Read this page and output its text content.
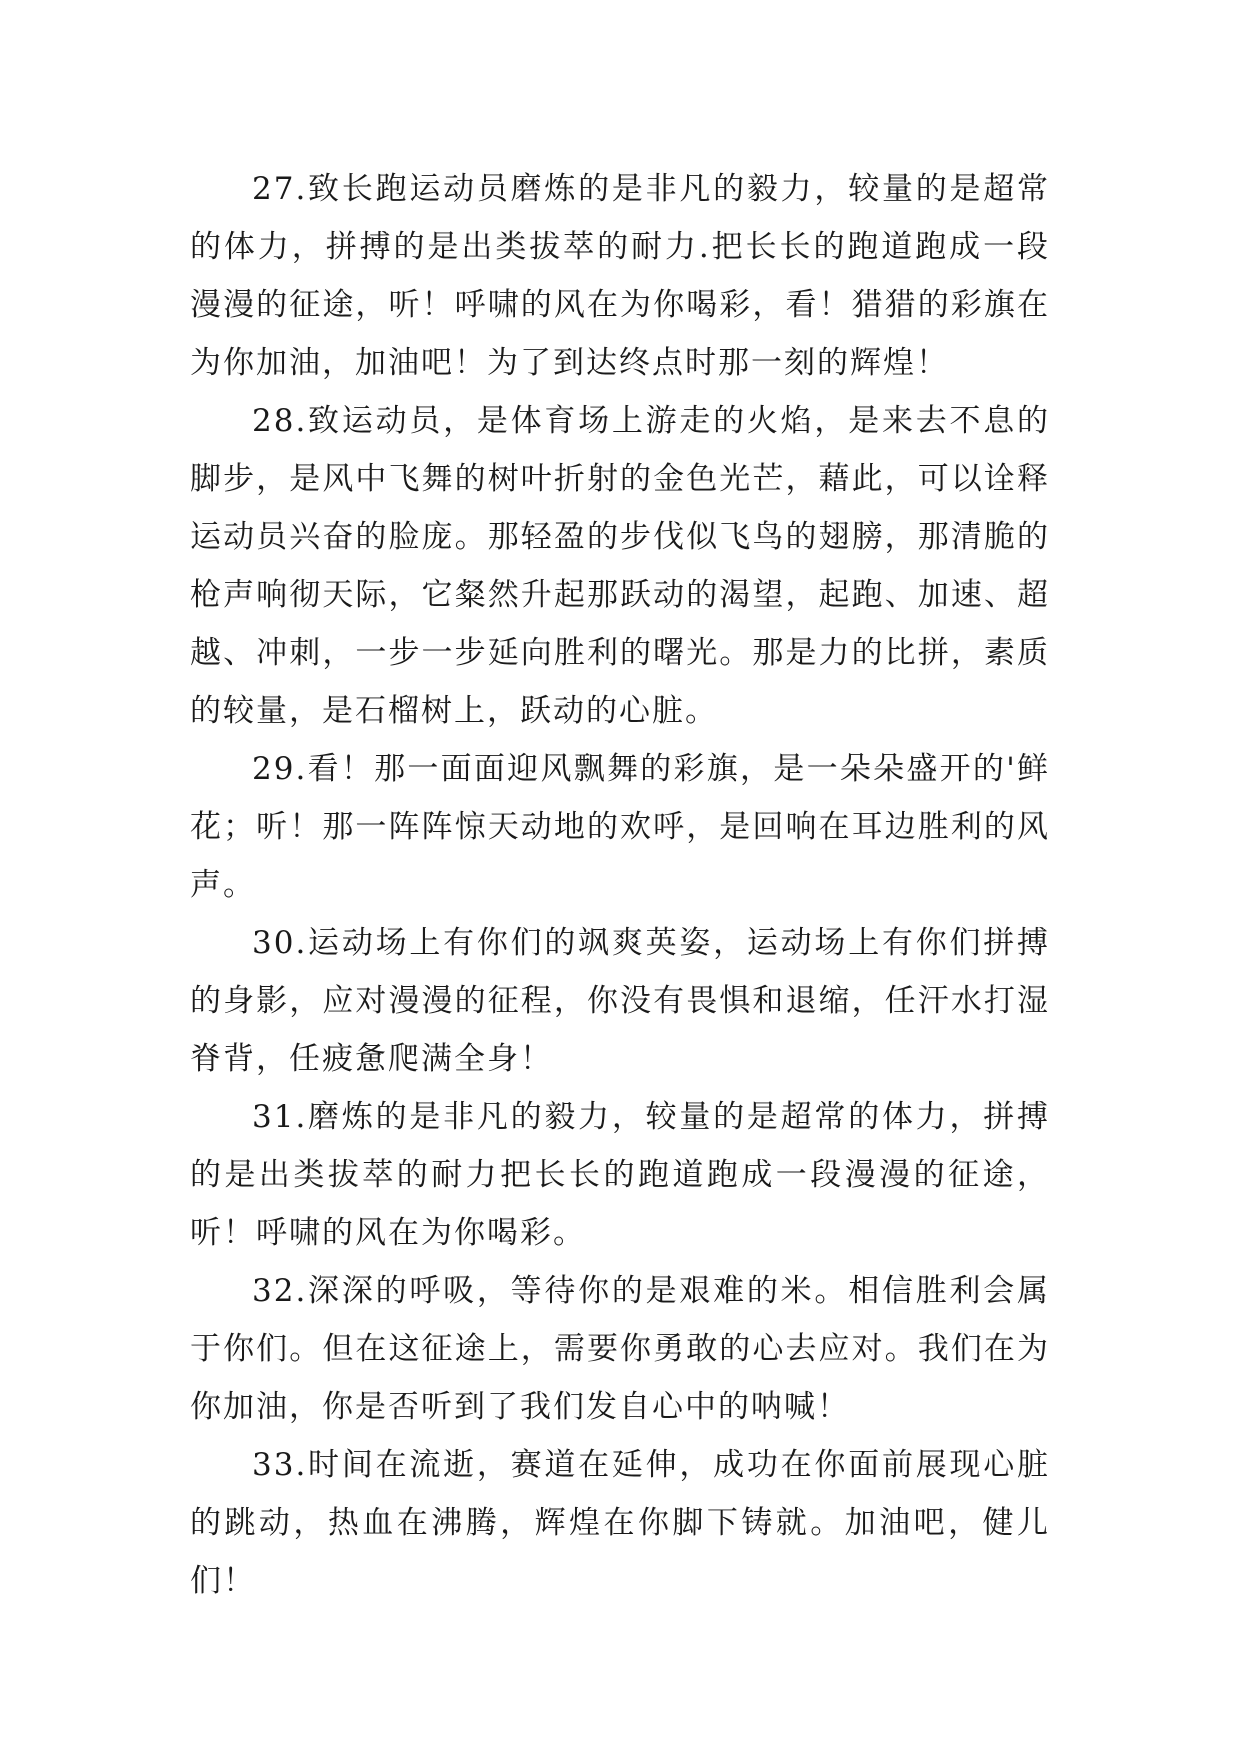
27.致长跑运动员磨炼的是非凡的毅力，较量的是超常的体力，拼搏的是出类拔萃的耐力.把长长的跑道跑成一段漫漫的征途，听！呼啸的风在为你喝彩，看！猎猎的彩旗在为你加油，加油吧！为了到达终点时那一刻的辉煌！

28.致运动员，是体育场上游走的火焰，是来去不息的脚步，是风中飞舞的树叶折射的金色光芒，藉此，可以诠释运动员兴奋的脸庞。那轻盈的步伐似飞鸟的翅膀，那清脆的枪声响彻天际，它粲然升起那跃动的渴望，起跑、加速、超越、冲刺，一步一步延向胜利的曙光。那是力的比拼，素质的较量，是石榴树上，跃动的心脏。

29.看！那一面面迎风飘舞的彩旗，是一朵朵盛开的'鲜花；听！那一阵阵惊天动地的欢呼，是回响在耳边胜利的风声。

30.运动场上有你们的飒爽英姿，运动场上有你们拼搏的身影，应对漫漫的征程，你没有畏惧和退缩，任汗水打湿脊背，任疲惫爬满全身！

31.磨炼的是非凡的毅力，较量的是超常的体力，拼搏的是出类拔萃的耐力把长长的跑道跑成一段漫漫的征途，听！呼啸的风在为你喝彩。

32.深深的呼吸，等待你的是艰难的米。相信胜利会属于你们。但在这征途上，需要你勇敢的心去应对。我们在为你加油，你是否听到了我们发自心中的呐喊！

33.时间在流逝，赛道在延伸，成功在你面前展现心脏的跳动，热血在沸腾，辉煌在你脚下铸就。加油吧，健儿们！
